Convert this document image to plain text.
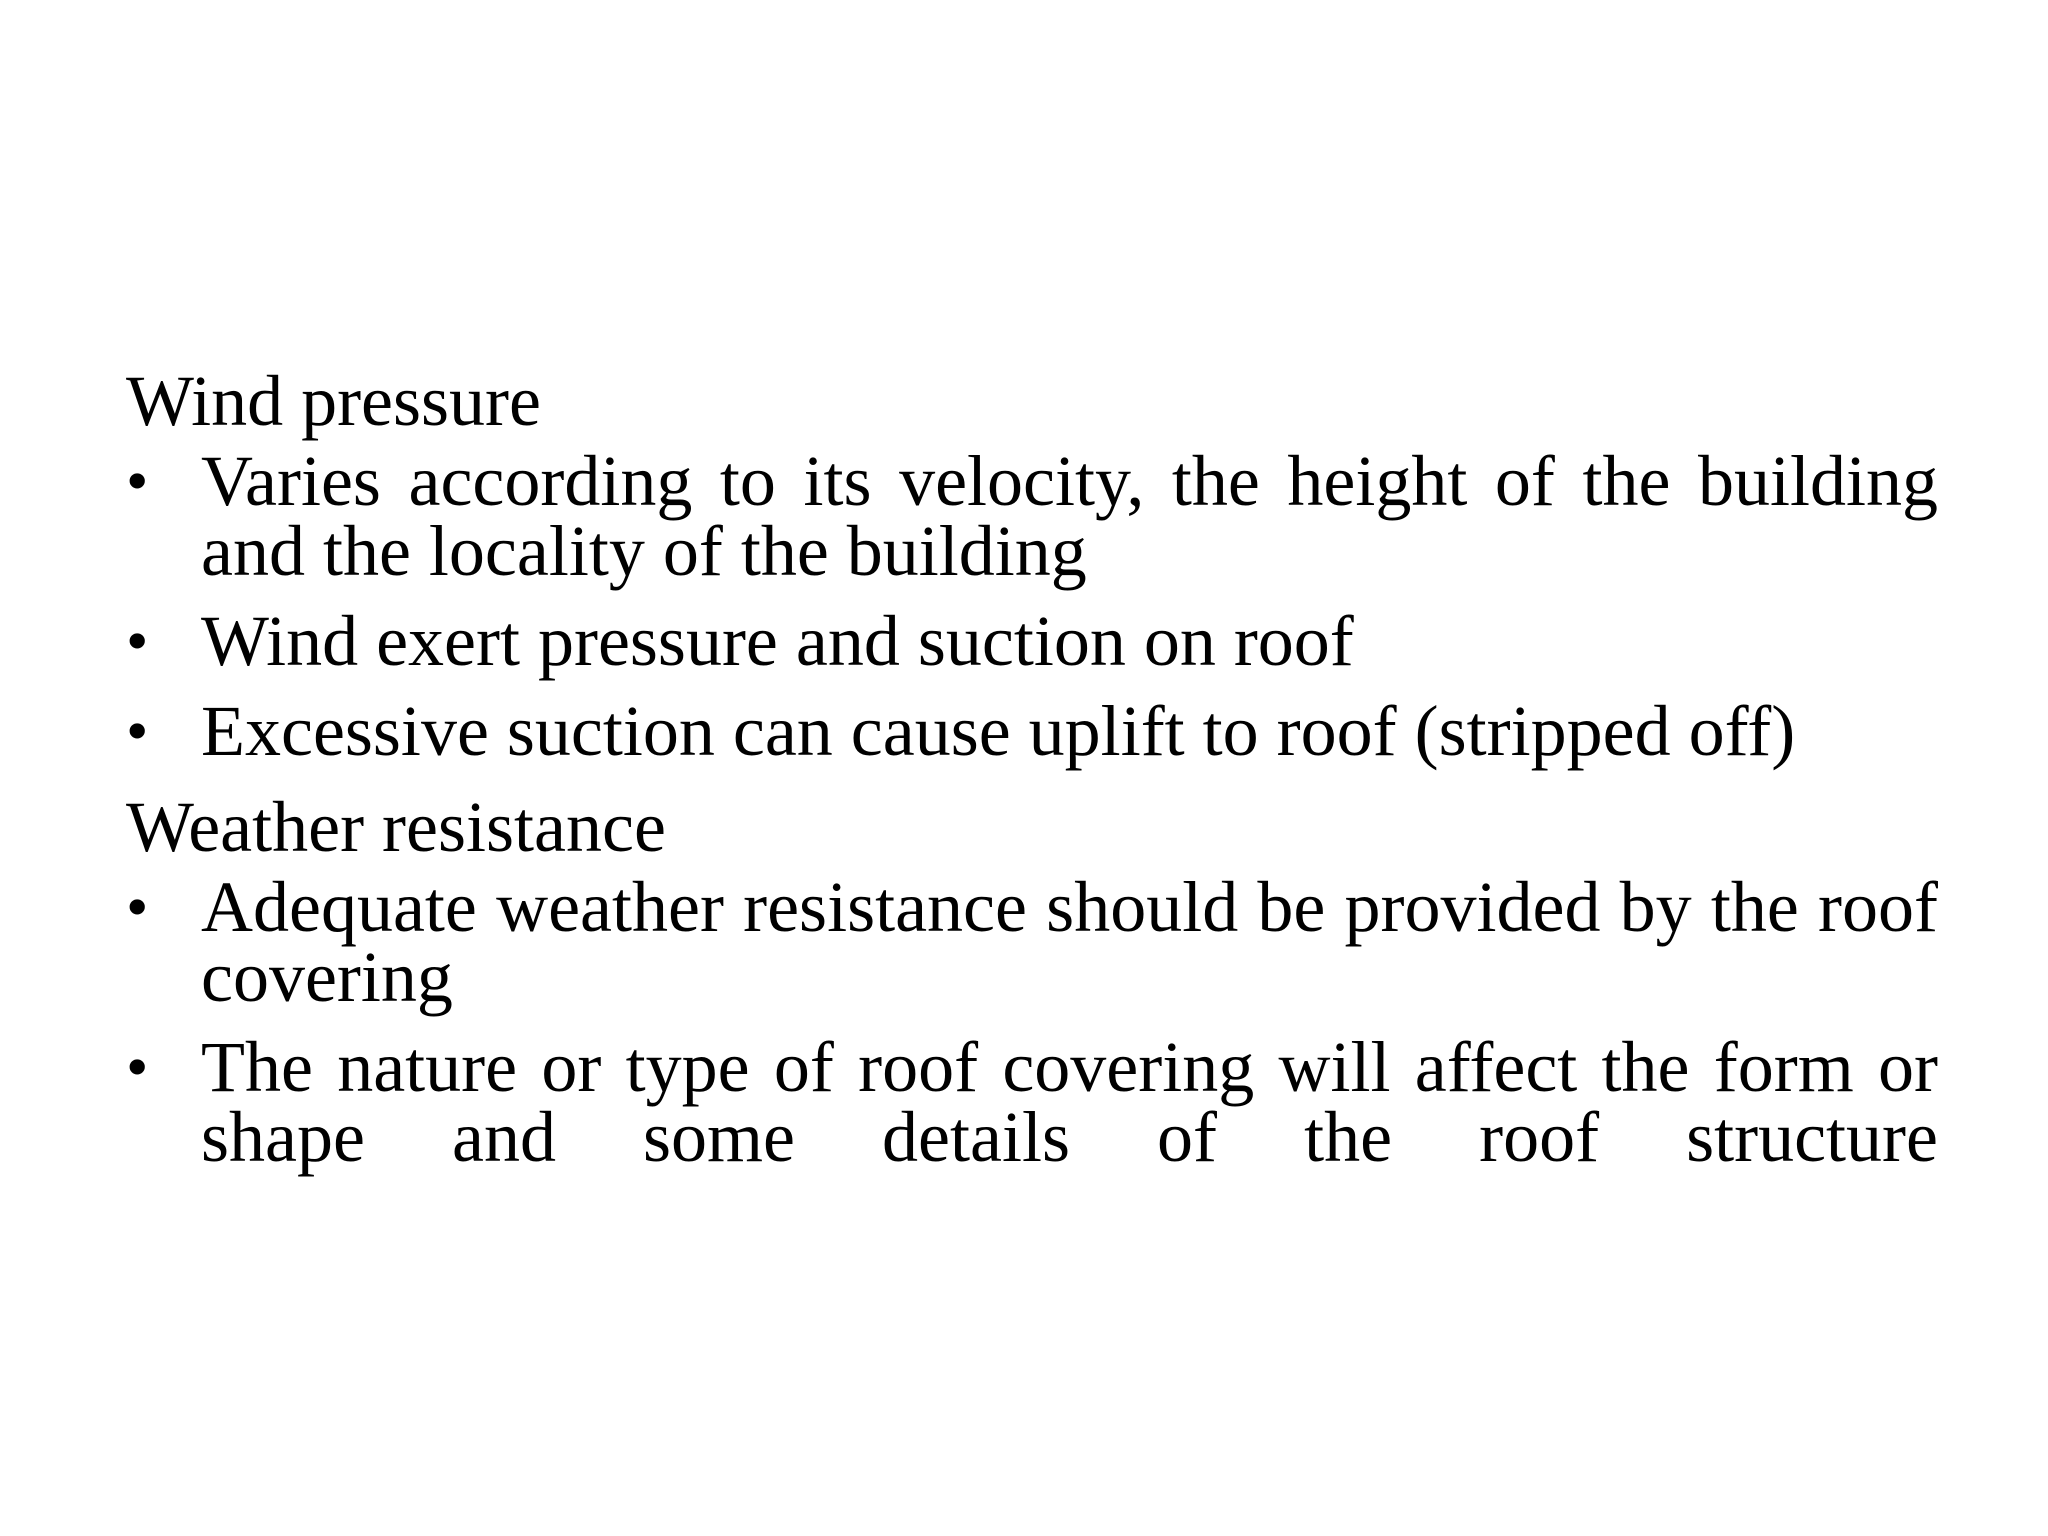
Wind pressure
• Varies according to its velocity, the height of the building and the locality of the building
• Wind exert pressure and suction on roof
• Excessive suction can cause uplift to roof (stripped off)
Weather resistance
• Adequate weather resistance should be provided by the roof covering
• The nature or type of roof covering will affect the form or shape and some details of the roof structure
